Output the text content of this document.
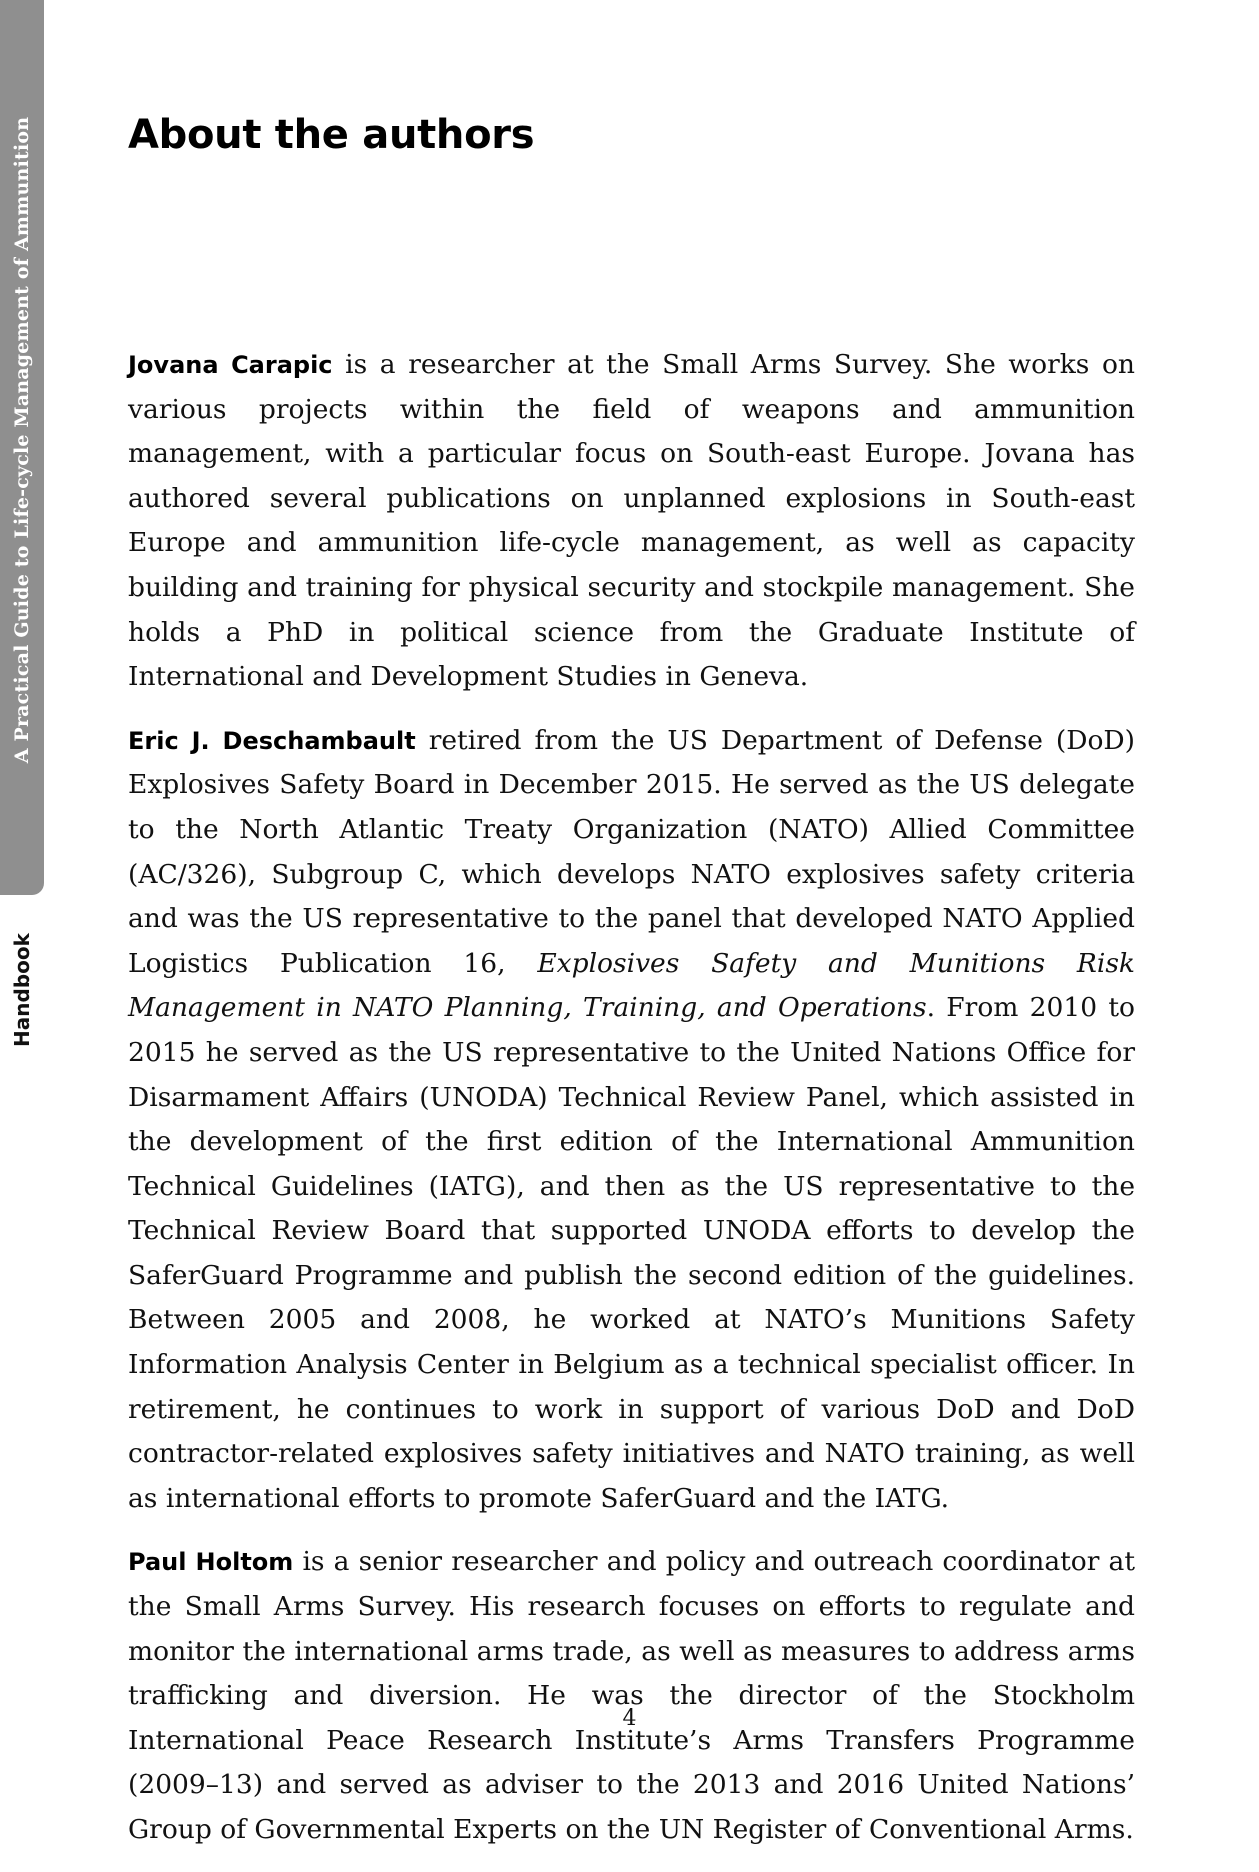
A Practical Guide to Life-cycle Management of Ammunition
Handbook
About the authors

Jovana Carapic is a researcher at the Small Arms Survey. She works on various projects within the field of weapons and ammunition management, with a particular focus on South-east Europe. Jovana has authored several publications on unplanned explosions in South-east Europe and ammunition life-cycle management, as well as capacity building and training for physical security and stockpile management. She holds a PhD in political science from the Graduate Institute of International and Development Studies in Geneva.

Eric J. Deschambault retired from the US Department of Defense (DoD) Explosives Safety Board in December 2015. He served as the US delegate to the North Atlantic Treaty Organization (NATO) Allied Committee (AC/326), Subgroup C, which develops NATO explosives safety criteria and was the US representative to the panel that developed NATO Applied Logistics Publication 16, Explosives Safety and Munitions Risk Management in NATO Planning, Training, and Operations. From 2010 to 2015 he served as the US representative to the United Nations Office for Disarmament Affairs (UNODA) Technical Review Panel, which assisted in the development of the first edition of the International Ammunition Technical Guidelines (IATG), and then as the US representative to the Technical Review Board that supported UNODA efforts to develop the SaferGuard Programme and publish the second edition of the guidelines. Between 2005 and 2008, he worked at NATO’s Munitions Safety Information Analysis Center in Belgium as a technical specialist officer. In retirement, he continues to work in support of various DoD and DoD contractor-related explosives safety initiatives and NATO training, as well as international efforts to promote SaferGuard and the IATG.

Paul Holtom is a senior researcher and policy and outreach coordinator at the Small Arms Survey. His research focuses on efforts to regulate and monitor the international arms trade, as well as measures to address arms trafficking and diversion. He was the director of the Stockholm International Peace Research Institute’s Arms Transfers Programme (2009–13) and served as adviser to the 2013 and 2016 United Nations’ Group of Governmental Experts on the UN Register of Conventional Arms.

4
